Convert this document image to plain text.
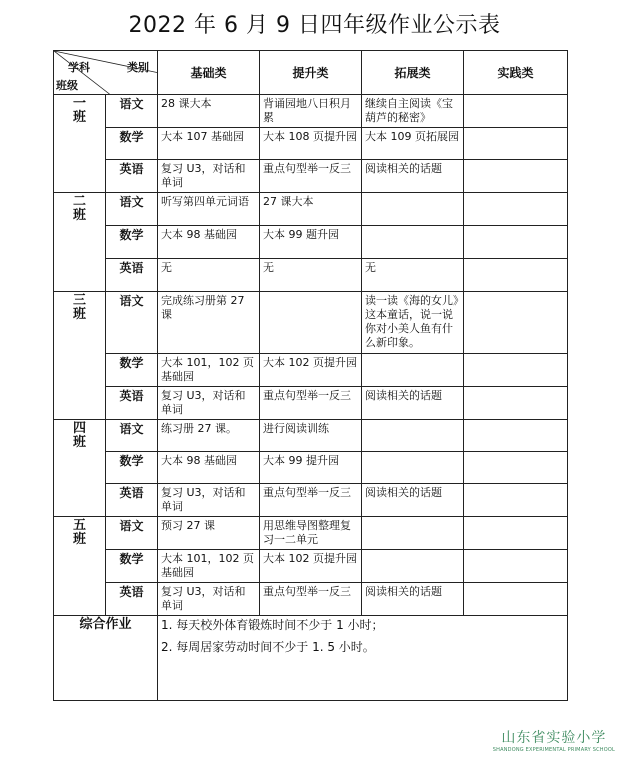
2022 年 6 月 9 日四年级作业公示表
学科 类别
班级		基础类	提升类	拓展类	实践类
一
班	语文	28 课大本	背诵园地八日积月累	继续自主阅读《宝葫芦的秘密》	
	数学	大本 107 基础园	大本 108 页提升园	大本 109 页拓展园	
	英语	复习 U3，对话和单词	重点句型举一反三	阅读相关的话题	
二
班	语文	听写第四单元词语	27 课大本		
	数学	大本 98 基础园	大本 99 题升园		
	英语	无	无	无	
三
班	语文	完成练习册第 27 课		读一读《海的女儿》这本童话，说一说你对小美人鱼有什么新印象。	
	数学	大本 101，102 页基础园	大本 102 页提升园		
	英语	复习 U3，对话和单词	重点句型举一反三	阅读相关的话题	
四
班	语文	练习册 27 课。	进行阅读训练		
	数学	大本 98 基础园	大本 99 提升园		
	英语	复习 U3，对话和单词	重点句型举一反三	阅读相关的话题	
五
班	语文	预习 27 课	用思维导图整理复习一二单元		
	数学	大本 101，102 页基础园	大本 102 页提升园		
	英语	复习 U3，对话和单词	重点句型举一反三	阅读相关的话题	
综合作业		1. 每天校外体育锻炼时间不少于 1 小时；
2. 每周居家劳动时间不少于 1. 5 小时。			
山东省实验小学
SHANDONG EXPERIMENTAL PRIMARY SCHOOL
